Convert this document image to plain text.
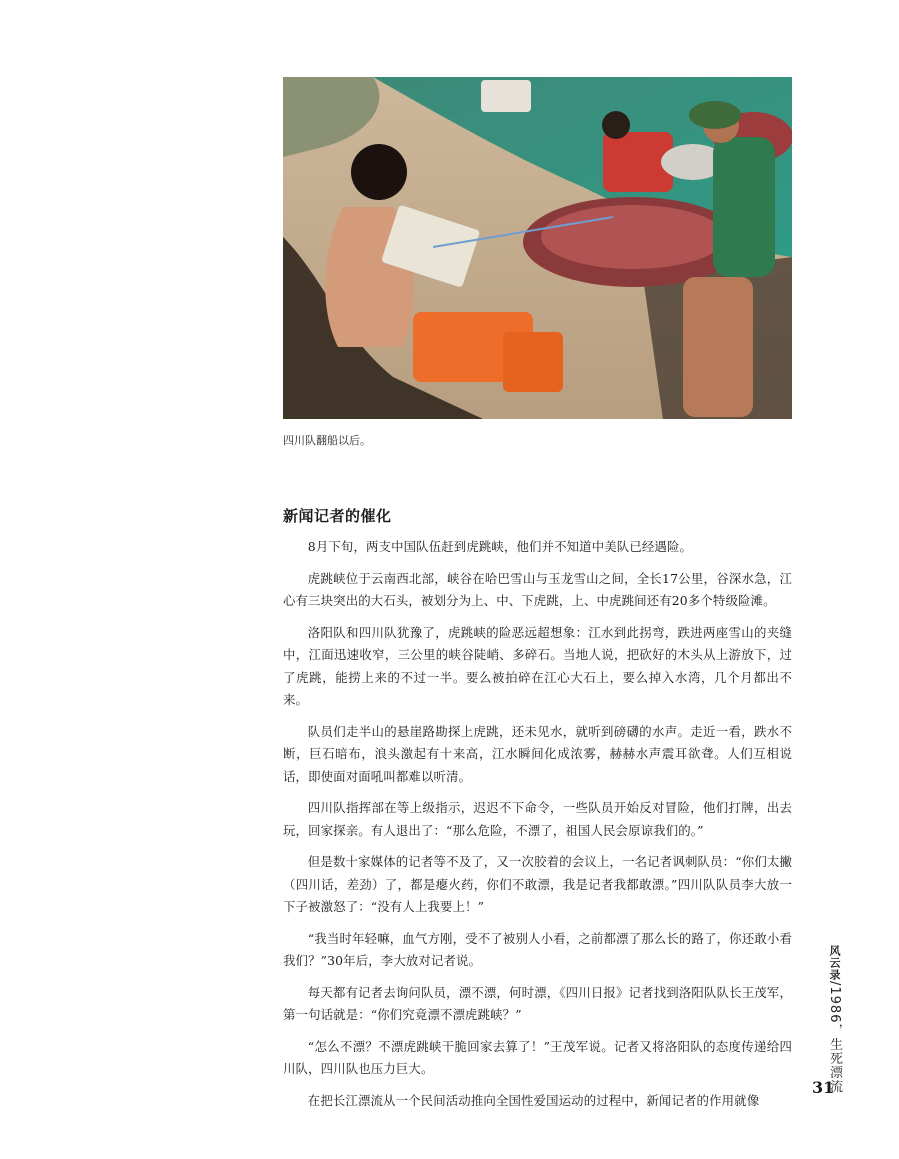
四川队翻船以后。
新闻记者的催化

8月下旬，两支中国队伍赶到虎跳峡，他们并不知道中美队已经遇险。

虎跳峡位于云南西北部，峡谷在哈巴雪山与玉龙雪山之间，全长17公里，谷深水急，江心有三块突出的大石头，被划分为上、中、下虎跳，上、中虎跳间还有20多个特级险滩。

洛阳队和四川队犹豫了，虎跳峡的险恶远超想象：江水到此拐弯，跌进两座雪山的夹缝中，江面迅速收窄，三公里的峡谷陡峭、多碎石。当地人说，把砍好的木头从上游放下，过了虎跳，能捞上来的不过一半。要么被拍碎在江心大石上，要么掉入水湾，几个月都出不来。

队员们走半山的悬崖路勘探上虎跳，还未见水，就听到磅礴的水声。走近一看，跌水不断，巨石暗布，浪头激起有十来高，江水瞬间化成浓雾，赫赫水声震耳欲聋。人们互相说话，即使面对面吼叫都难以听清。

四川队指挥部在等上级指示，迟迟不下命令，一些队员开始反对冒险，他们打牌，出去玩，回家探亲。有人退出了：“那么危险，不漂了，祖国人民会原谅我们的。”

但是数十家媒体的记者等不及了，又一次胶着的会议上，一名记者讽刺队员：“你们太撇（四川话，差劲）了，都是瘪火药，你们不敢漂，我是记者我都敢漂。”四川队队员李大放一下子被激怒了：“没有人上我要上！”

“我当时年轻嘛，血气方刚，受不了被别人小看，之前都漂了那么长的路了，你还敢小看我们？”30年后，李大放对记者说。

每天都有记者去询问队员，漂不漂，何时漂，《四川日报》记者找到洛阳队队长王茂军，第一句话就是：“你们究竟漂不漂虎跳峡？”

“怎么不漂？不漂虎跳峡干脆回家去算了！”王茂军说。记者又将洛阳队的态度传递给四川队，四川队也压力巨大。

在把长江漂流从一个民间活动推向全国性爱国运动的过程中，新闻记者的作用就像

风云录/1986，生死漂流
31
